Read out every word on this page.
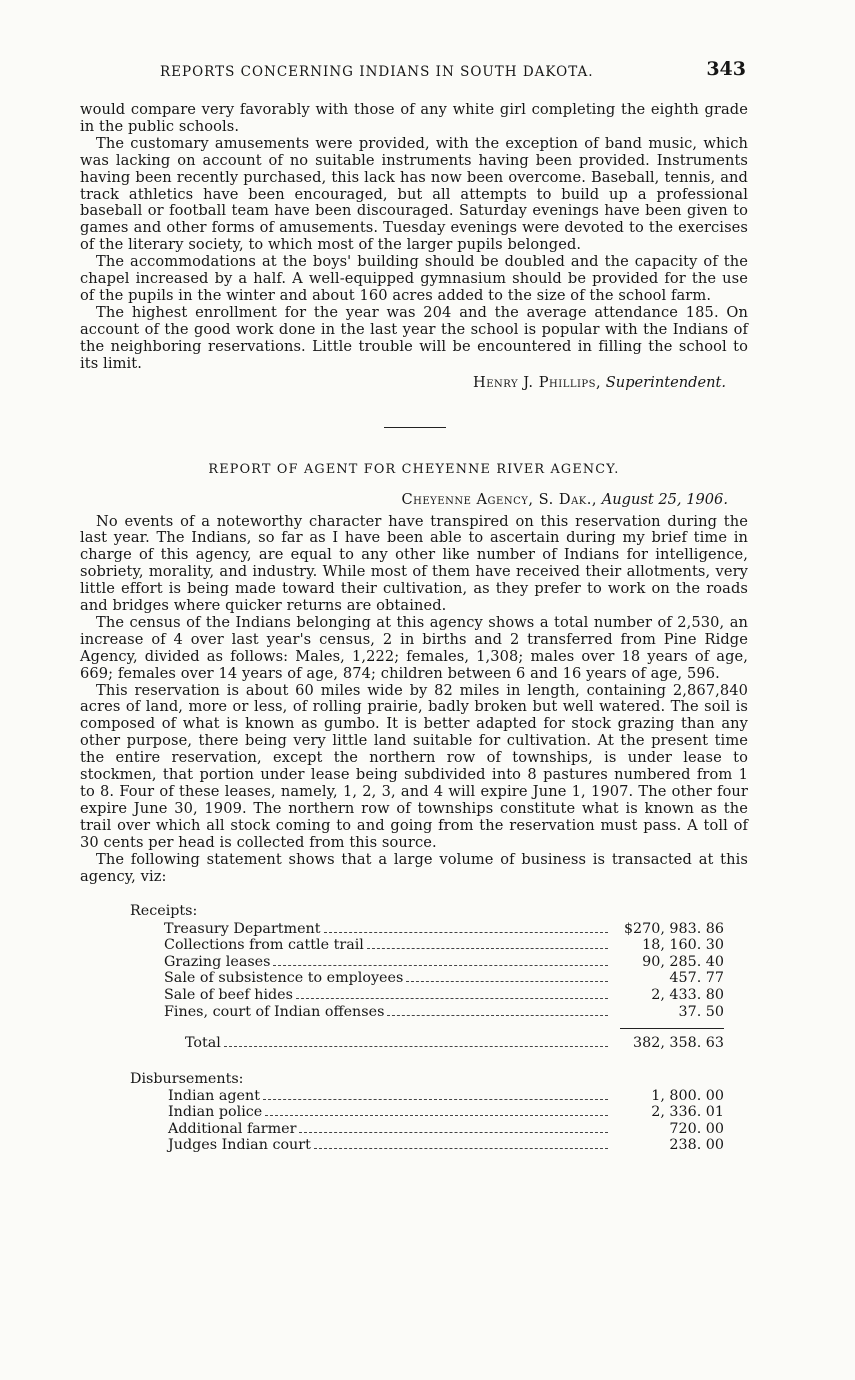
REPORTS CONCERNING INDIANS IN SOUTH DAKOTA.	343

would compare very favorably with those of any white girl completing the eighth grade in the public schools.

The customary amusements were provided, with the exception of band music, which was lacking on account of no suitable instruments having been provided. Instruments having been recently purchased, this lack has now been overcome. Baseball, tennis, and track athletics have been encouraged, but all attempts to build up a professional baseball or football team have been discouraged. Saturday evenings have been given to games and other forms of amusements. Tuesday evenings were devoted to the exercises of the literary society, to which most of the larger pupils belonged.

The accommodations at the boys' building should be doubled and the capacity of the chapel increased by a half. A well-equipped gymnasium should be provided for the use of the pupils in the winter and about 160 acres added to the size of the school farm.

The highest enrollment for the year was 204 and the average attendance 185. On account of the good work done in the last year the school is popular with the Indians of the neighboring reservations. Little trouble will be encountered in filling the school to its limit.

Henry J. Phillips, Superintendent.
REPORT OF AGENT FOR CHEYENNE RIVER AGENCY.
Cheyenne Agency, S. Dak., August 25, 1906.

No events of a noteworthy character have transpired on this reservation during the last year. The Indians, so far as I have been able to ascertain during my brief time in charge of this agency, are equal to any other like number of Indians for intelligence, sobriety, morality, and industry. While most of them have received their allotments, very little effort is being made toward their cultivation, as they prefer to work on the roads and bridges where quicker returns are obtained.

The census of the Indians belonging at this agency shows a total number of 2,530, an increase of 4 over last year's census, 2 in births and 2 transferred from Pine Ridge Agency, divided as follows: Males, 1,222; females, 1,308; males over 18 years of age, 669; females over 14 years of age, 874; children between 6 and 16 years of age, 596.

This reservation is about 60 miles wide by 82 miles in length, containing 2,867,840 acres of land, more or less, of rolling prairie, badly broken but well watered. The soil is composed of what is known as gumbo. It is better adapted for stock grazing than any other purpose, there being very little land suitable for cultivation. At the present time the entire reservation, except the northern row of townships, is under lease to stockmen, that portion under lease being subdivided into 8 pastures numbered from 1 to 8. Four of these leases, namely, 1, 2, 3, and 4 will expire June 1, 1907. The other four expire June 30, 1909. The northern row of townships constitute what is known as the trail over which all stock coming to and going from the reservation must pass. A toll of 30 cents per head is collected from this source.

The following statement shows that a large volume of business is transacted at this agency, viz:

Receipts:
Treasury Department	$270, 983. 86
Collections from cattle trail	18, 160. 30
Grazing leases	90, 285. 40
Sale of subsistence to employees	457. 77
Sale of beef hides	2, 433. 80
Fines, court of Indian offenses	37. 50
Total	382, 358. 63
Disbursements:
Indian agent	1, 800. 00
Indian police	2, 336. 01
Additional farmer	720. 00
Judges Indian court	238. 00
